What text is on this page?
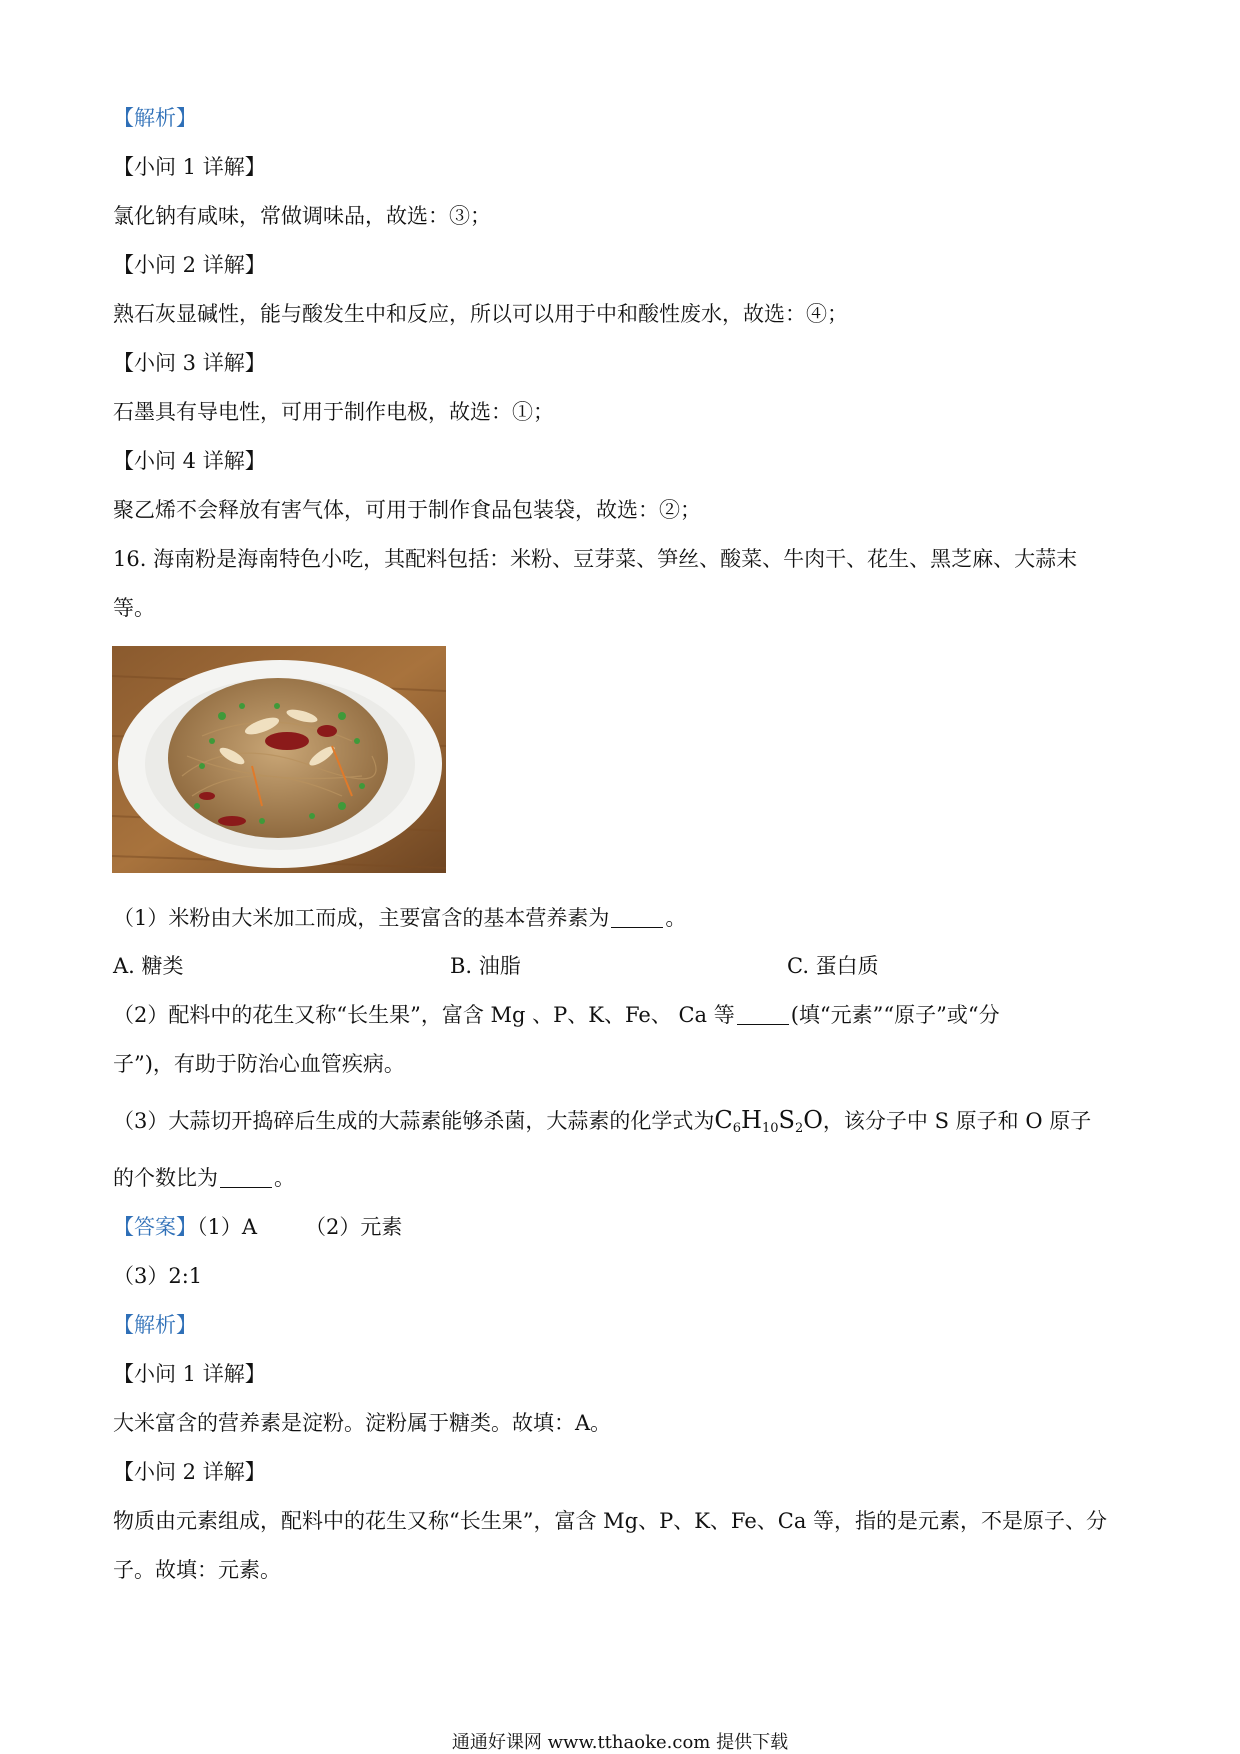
【解析】
【小问 1 详解】
氯化钠有咸味，常做调味品，故选：③；
【小问 2 详解】
熟石灰显碱性，能与酸发生中和反应，所以可以用于中和酸性废水，故选：④；
【小问 3 详解】
石墨具有导电性，可用于制作电极，故选：①；
【小问 4 详解】
聚乙烯不会释放有害气体，可用于制作食品包装袋，故选：②；
16. 海南粉是海南特色小吃，其配料包括：米粉、豆芽菜、笋丝、酸菜、牛肉干、花生、黑芝麻、大蒜末
等。
（1）米粉由大米加工而成，主要富含的基本营养素为	。
A. 糖类	B. 油脂	C. 蛋白质
（2）配料中的花生又称“长生果”，富含 Mg 、P、K、Fe、 Ca 等	(填“元素”“原子”或“分
子”)，有助于防治心血管疾病。
（3）大蒜切开捣碎后生成的大蒜素能够杀菌，大蒜素的化学式为$C_6H_{10}S_2O$，该分子中 S 原子和 O 原子
的个数比为	。
【答案】（1）A （2）元素
（3）2:1
【解析】
【小问 1 详解】
大米富含的营养素是淀粉。淀粉属于糖类。故填：A。
【小问 2 详解】
物质由元素组成，配料中的花生又称“长生果”，富含 Mg、P、K、Fe、Ca 等，指的是元素，不是原子、分
子。故填：元素。
通通好课网 www.tthaoke.com 提供下载
